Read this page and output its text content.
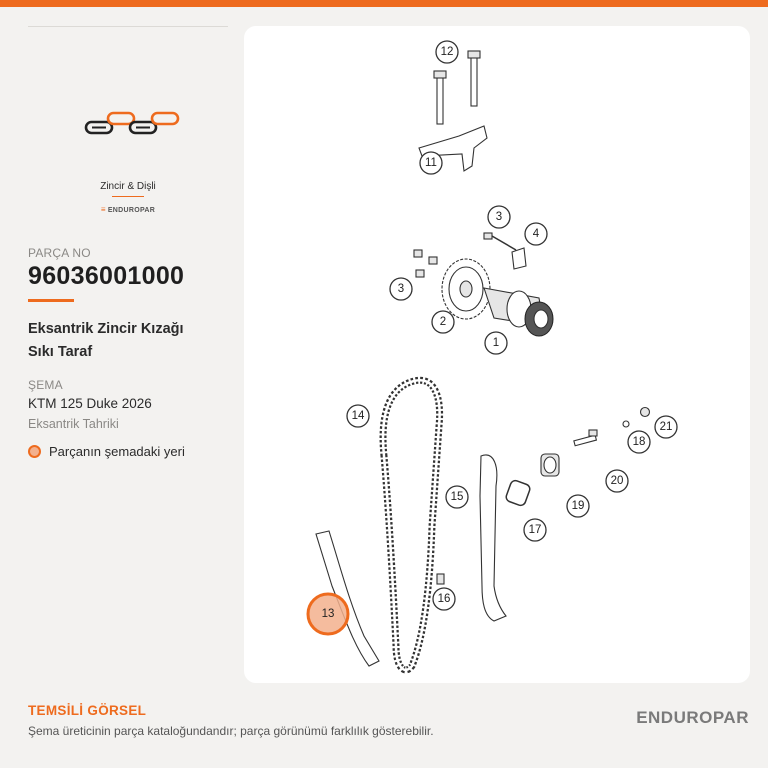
Zincir & Dişli
≡ ENDUROPAR
PARÇA NO
96036001000
Eksantrik Zincir Kızağı
Sıkı Taraf
ŞEMA
KTM 125 Duke 2026
Eksantrik Tahriki
Parçanın şemadaki yeri
1
2
3
3
4
11
12
13
14
15
16
17
18
19
20
21
TEMSİLİ GÖRSEL
Şema üreticinin parça kataloğundandır; parça görünümü farklılık gösterebilir.
ENDUROPAR
